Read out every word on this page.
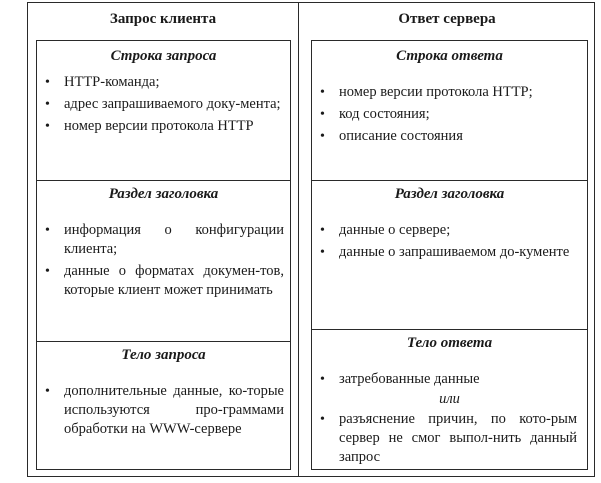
Запрос клиента	Ответ сервера
Строка запроса
• HTTP-команда;
• адрес запрашиваемого доку-мента;
• номер версии протокола HTTP
Раздел заголовка
• информация о конфигурации клиента;
• данные о форматах докумен-тов, которые клиент может принимать
Тело запроса
• дополнительные данные, ко-торые используются про-граммами обработки на WWW-сервере
Строка ответа
• номер версии протокола HTTP;
• код состояния;
• описание состояния
Раздел заголовка
• данные о сервере;
• данные о запрашиваемом до-кументе
Тело ответа
• затребованные данные
или
• разъяснение причин, по кото-рым сервер не смог выпол-нить данный запрос
